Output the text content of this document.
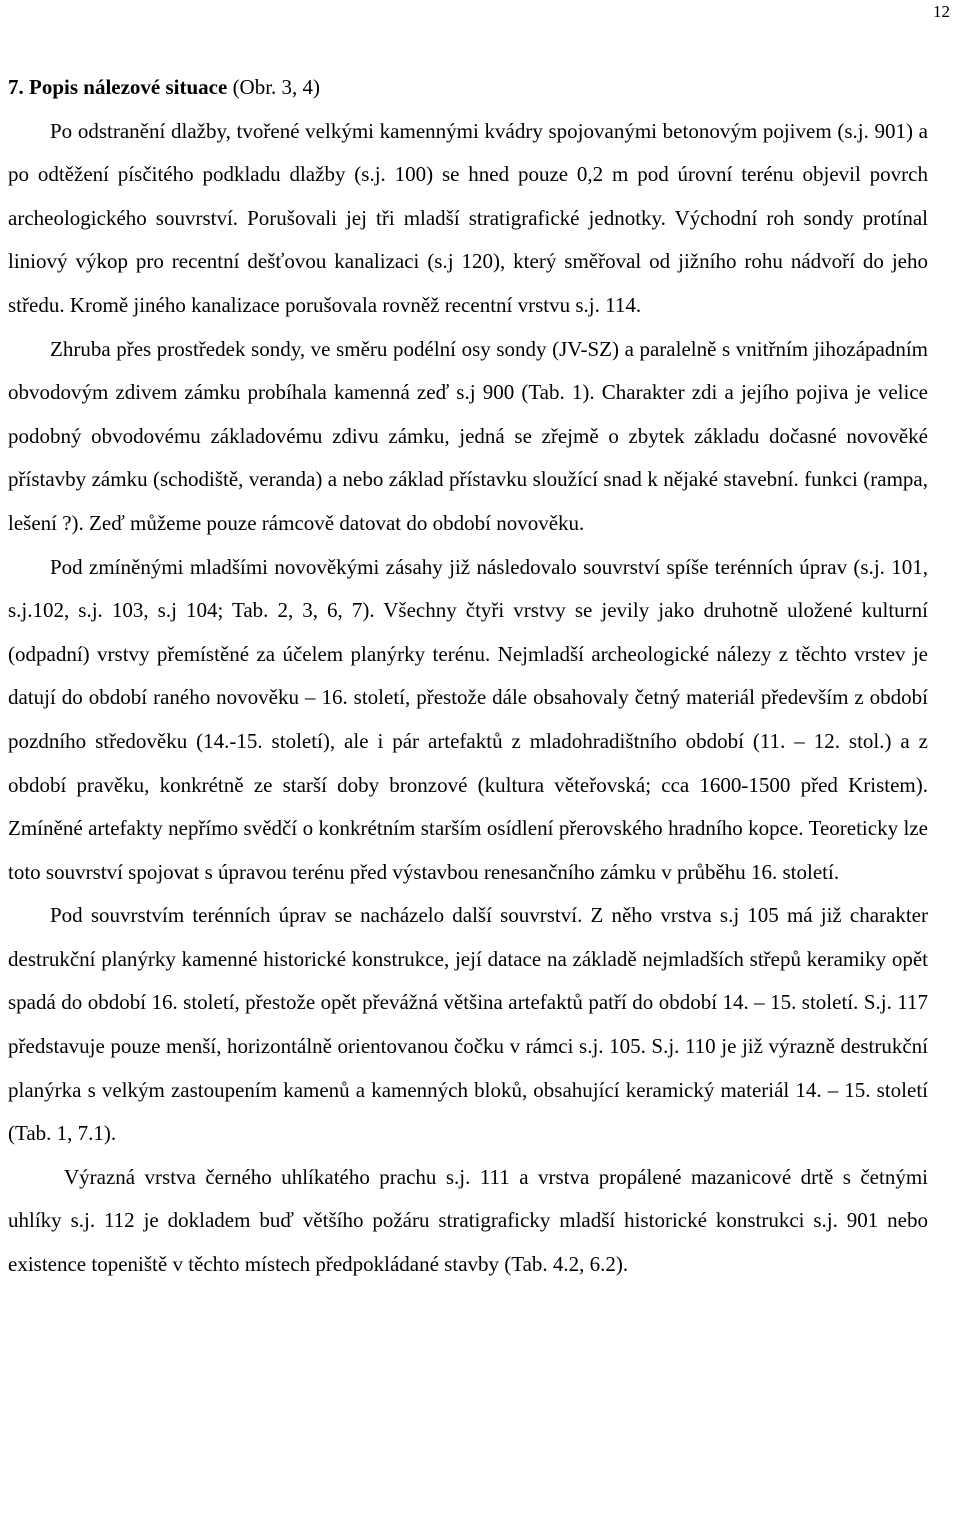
12

7. Popis nálezové situace (Obr. 3, 4)

Po odstranění dlažby, tvořené velkými kamennými kvádry spojovanými betonovým pojivem (s.j. 901) a po odtěžení písčitého podkladu dlažby (s.j. 100) se hned pouze 0,2 m pod úrovní terénu objevil povrch archeologického souvrství. Porušovali jej tři mladší stratigrafické jednotky. Východní roh sondy protínal liniový výkop pro recentní dešťovou kanalizaci (s.j 120), který směřoval od jižního rohu nádvoří do jeho středu. Kromě jiného kanalizace porušovala rovněž recentní vrstvu s.j. 114.

Zhruba přes prostředek sondy, ve směru podélní osy sondy (JV-SZ) a paralelně s vnitřním jihozápadním obvodovým zdivem zámku probíhala kamenná zeď s.j 900 (Tab. 1). Charakter zdi a jejího pojiva je velice podobný obvodovému základovému zdivu zámku, jedná se zřejmě o zbytek základu dočasné novověké přístavby zámku (schodiště, veranda) a nebo základ přístavku sloužící snad k nějaké stavební. funkci (rampa, lešení ?). Zeď můžeme pouze rámcově datovat do období novověku.

Pod zmíněnými mladšími novověkými zásahy již následovalo souvrství spíše terénních úprav (s.j. 101, s.j.102, s.j. 103, s.j 104; Tab. 2, 3, 6, 7). Všechny čtyři vrstvy se jevily jako druhotně uložené kulturní (odpadní) vrstvy přemístěné za účelem planýrky terénu. Nejmladší archeologické nálezy z těchto vrstev je datují do období raného novověku – 16. století, přestože dále obsahovaly četný materiál především z období pozdního středověku (14.-15. století), ale i pár artefaktů z mladohradištního období (11. – 12. stol.) a z období pravěku, konkrétně ze starší doby bronzové (kultura věteřovská; cca 1600-1500 před Kristem). Zmíněné artefakty nepřímo svědčí o konkrétním starším osídlení přerovského hradního kopce. Teoreticky lze toto souvrství spojovat s úpravou terénu před výstavbou renesančního zámku v průběhu 16. století.

Pod souvrstvím terénních úprav se nacházelo další souvrství. Z něho vrstva s.j 105 má již charakter destrukční planýrky kamenné historické konstrukce, její datace na základě nejmladších střepů keramiky opět spadá do období 16. století, přestože opět převážná většina artefaktů patří do období 14. – 15. století. S.j. 117 představuje pouze menší, horizontálně orientovanou čočku v rámci s.j. 105. S.j. 110 je již výrazně destrukční planýrka s velkým zastoupením kamenů a kamenných bloků, obsahující keramický materiál 14. – 15. století (Tab. 1, 7.1).

Výrazná vrstva černého uhlíkatého prachu s.j. 111 a vrstva propálené mazanicové drtě s četnými uhlíky s.j. 112 je dokladem buď většího požáru stratigraficky mladší historické konstrukci s.j. 901 nebo existence topeniště v těchto místech předpokládané stavby (Tab. 4.2, 6.2).
